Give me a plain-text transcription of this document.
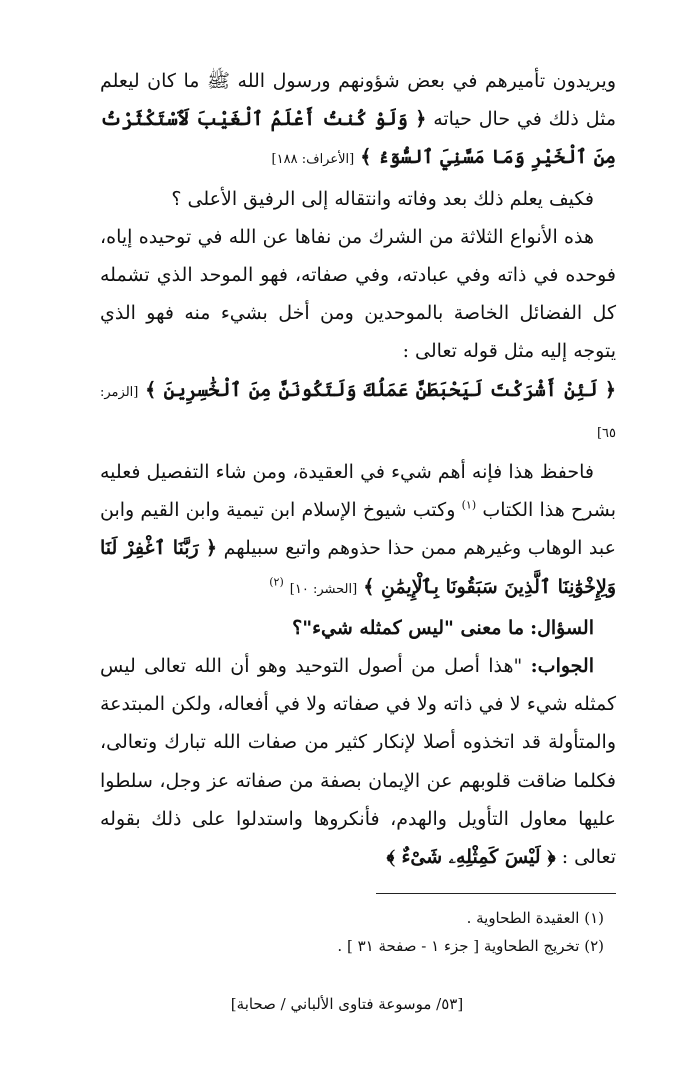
ويريدون تأميرهم في بعض شؤونهم ورسول الله ﷺ ما كان ليعلم مثل ذلك في حال حياته ﴿ وَلَوْ كُنتُ أَعْلَمُ ٱلْغَيْبَ لَٱسْتَكْثَرْتُ مِنَ ٱلْخَيْرِ وَمَا مَسَّنِيَ ٱلسُّوٓءُ ﴾ [الأعراف: ١٨٨]

فكيف يعلم ذلك بعد وفاته وانتقاله إلى الرفيق الأعلى ؟

هذه الأنواع الثلاثة من الشرك من نفاها عن الله في توحيده إياه، فوحده في ذاته وفي عبادته، وفي صفاته، فهو الموحد الذي تشمله كل الفضائل الخاصة بالموحدين ومن أخل بشيء منه فهو الذي يتوجه إليه مثل قوله تعالى :

﴿ لَئِنْ أَشْرَكْتَ لَيَحْبَطَنَّ عَمَلُكَ وَلَتَكُونَنَّ مِنَ ٱلْخَٰسِرِينَ ﴾ [الزمر: ٦٥]

فاحفظ هذا فإنه أهم شيء في العقيدة، ومن شاء التفصيل فعليه بشرح هذا الكتاب $^{(١)}$ وكتب شيوخ الإسلام ابن تيمية وابن القيم وابن عبد الوهاب وغيرهم ممن حذا حذوهم واتبع سبيلهم ﴿ رَبَّنَا ٱغْفِرْ لَنَا وَلِإِخْوَٰنِنَا ٱلَّذِينَ سَبَقُونَا بِٱلْإِيمَٰنِ ﴾ [الحشر: ١٠] $^{(٢)}$

السؤال: ما معنى "ليس كمثله شيء"؟

الجواب: "هذا أصل من أصول التوحيد وهو أن الله تعالى ليس كمثله شيء لا في ذاته ولا في صفاته ولا في أفعاله، ولكن المبتدعة والمتأولة قد اتخذوه أصلا لإنكار كثير من صفات الله تبارك وتعالى، فكلما ضاقت قلوبهم عن الإيمان بصفة من صفاته عز وجل، سلطوا عليها معاول التأويل والهدم، فأنكروها واستدلوا على ذلك بقوله تعالى : ﴿ لَيْسَ كَمِثْلِهِۦ شَىْءٌ ﴾

(١) العقيدة الطحاوية .
(٢) تخريج الطحاوية [ جزء ١ - صفحة ٣١ ] .
[٥٣/ موسوعة فتاوى الألباني / صحابة]
